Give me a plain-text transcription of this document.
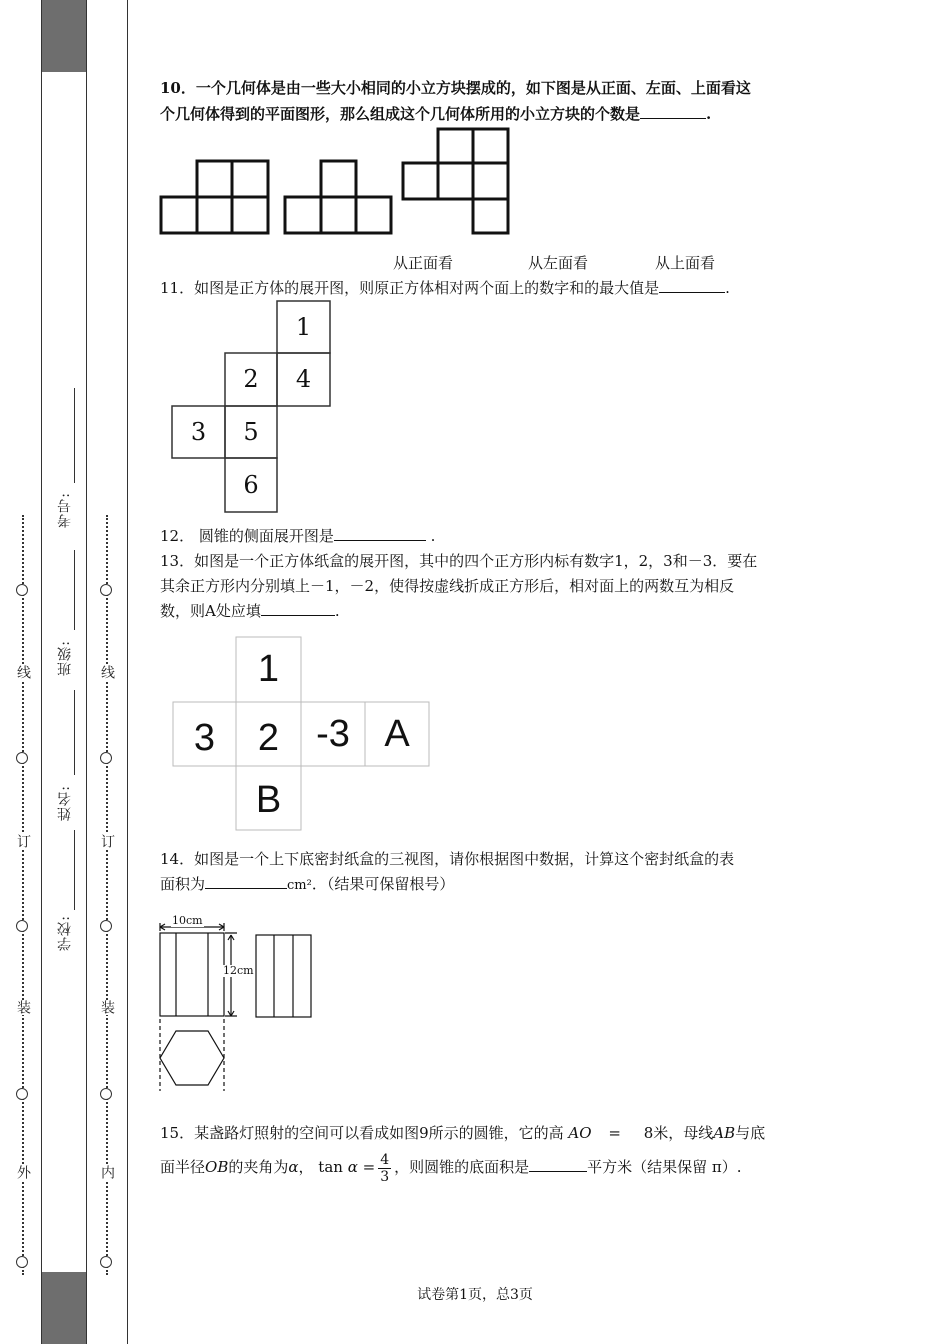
外
装
订
线
内
装
订
线
学校:
姓名:
班级:
考号:
10．一个几何体是由一些大小相同的小立方块摆成的，如下图是从正面、左面、上面看这
个几何体得到的平面图形，那么组成这个几何体所用的小立方块的个数是	.
从正面看	从左面看	从上面看
11．如图是正方体的展开图，则原正方体相对两个面上的数字和的最大值是	.
1
2	4
3	5
6
12． 圆锥的侧面展开图是	.
13．如图是一个正方体纸盒的展开图，其中的四个正方形内标有数字1，2，3和－3．要在
其余正方形内分别填上－1，－2，使得按虚线折成正方形后，相对面上的两数互为相反
数，则A处应填	.
1
3	2 -3 A
B
14．如图是一个上下底密封纸盒的三视图，请你根据图中数据，计算这个密封纸盒的表
面积为	cm²．（结果可保留根号）
10cm
12cm
15．某盏路灯照射的空间可以看成如图9所示的圆锥，它的高 AO = 8米，母线AB与底
面半径OB的夹角为α， $\tan \alpha = \frac{4}{3}$ ，则圆锥的底面积是	平方米（结果保留 π）.
试卷第1页，总3页
